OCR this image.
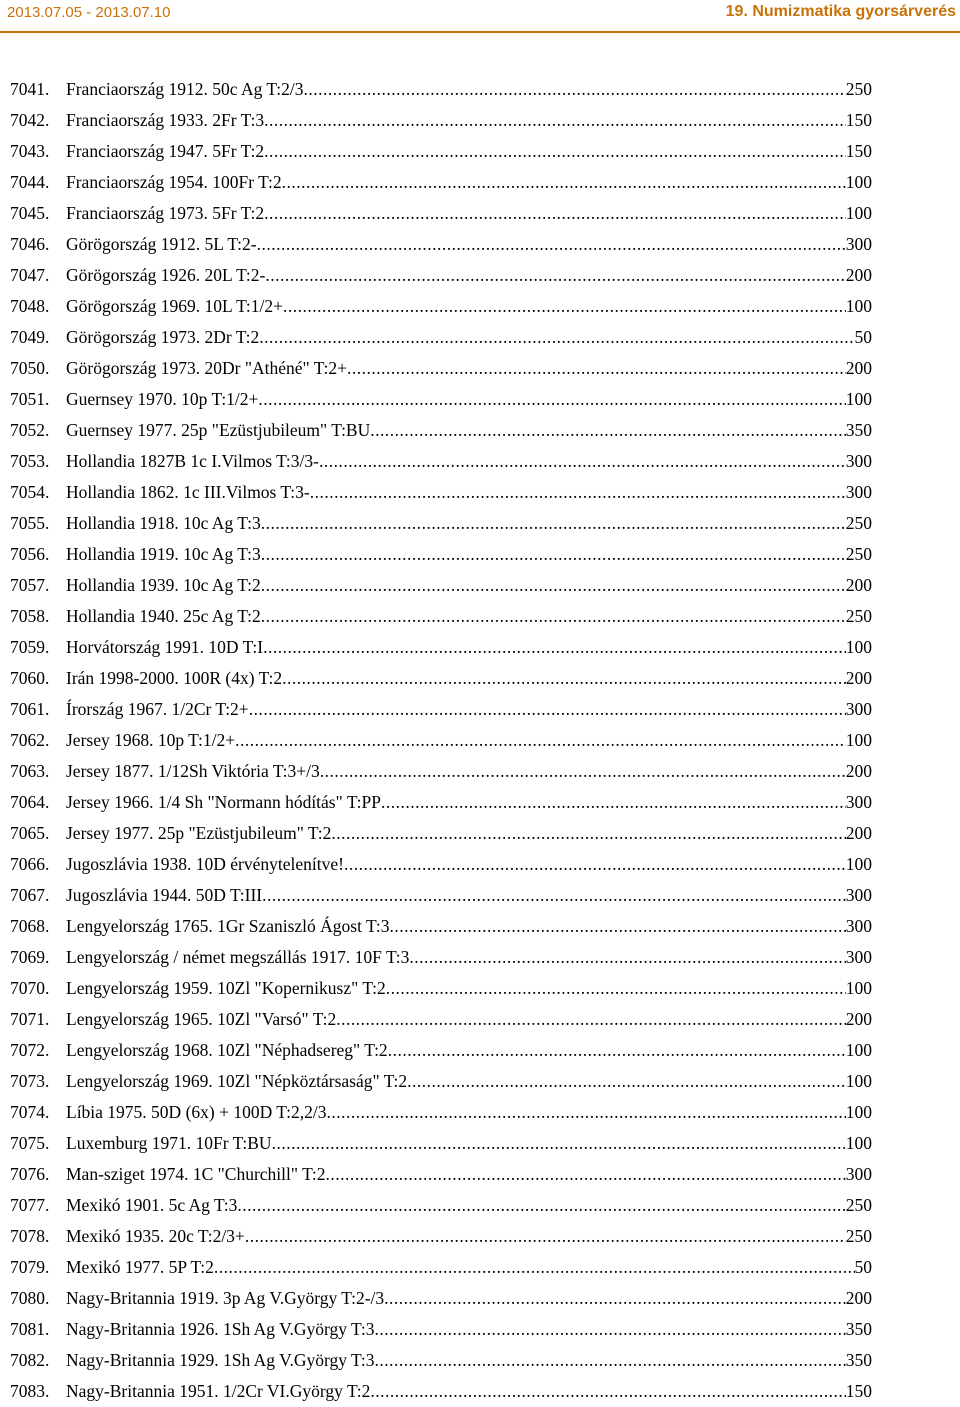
2013.07.05 - 2013.07.10	19. Numizmatika gyorsárverés
7041. Franciaország 1912. 50c Ag T:2/3 .....	250
7042. Franciaország 1933. 2Fr T:3 .....	150
7043. Franciaország 1947. 5Fr T:2 .....	150
7044. Franciaország 1954. 100Fr T:2 .....	100
7045. Franciaország 1973. 5Fr T:2 .....	100
7046. Görögország 1912. 5L T:2- .....	300
7047. Görögország 1926. 20L T:2- .....	200
7048. Görögország 1969. 10L T:1/2+ .....	100
7049. Görögország 1973. 2Dr T:2 .....	50
7050. Görögország 1973. 20Dr "Athéné" T:2+ .....	200
7051. Guernsey 1970. 10p T:1/2+ .....	100
7052. Guernsey 1977. 25p "Ezüstjubileum" T:BU .....	350
7053. Hollandia 1827B 1c I.Vilmos T:3/3- .....	300
7054. Hollandia 1862. 1c III.Vilmos T:3- .....	300
7055. Hollandia 1918. 10c Ag T:3 .....	250
7056. Hollandia 1919. 10c Ag T:3 .....	250
7057. Hollandia 1939. 10c Ag T:2 .....	200
7058. Hollandia 1940. 25c Ag T:2 .....	250
7059. Horvátország 1991. 10D T:I .....	100
7060. Irán 1998-2000. 100R (4x) T:2 .....	200
7061. Írország 1967. 1/2Cr T:2+ .....	300
7062. Jersey 1968. 10p T:1/2+ .....	100
7063. Jersey 1877. 1/12Sh Viktória T:3+/3 .....	200
7064. Jersey 1966. 1/4 Sh "Normann hódítás" T:PP .....	300
7065. Jersey 1977. 25p "Ezüstjubileum" T:2 .....	200
7066. Jugoszlávia 1938. 10D érvénytelenítve! .....	100
7067. Jugoszlávia 1944. 50D T:III .....	300
7068. Lengyelország 1765. 1Gr Szaniszló Ágost T:3 .....	300
7069. Lengyelország / német megszállás 1917. 10F T:3 .....	300
7070. Lengyelország 1959. 10Zl "Kopernikusz" T:2 .....	100
7071. Lengyelország 1965. 10Zl "Varsó" T:2 .....	200
7072. Lengyelország 1968. 10Zl "Néphadsereg" T:2 .....	100
7073. Lengyelország 1969. 10Zl "Népköztársaság" T:2 .....	100
7074. Líbia 1975. 50D (6x) + 100D T:2,2/3 .....	100
7075. Luxemburg 1971. 10Fr T:BU .....	100
7076. Man-sziget 1974. 1C "Churchill" T:2 .....	300
7077. Mexikó 1901. 5c Ag T:3 .....	250
7078. Mexikó 1935. 20c T:2/3+ .....	250
7079. Mexikó 1977. 5P T:2 .....	50
7080. Nagy-Britannia 1919. 3p Ag V.György T:2-/3 .....	200
7081. Nagy-Britannia 1926. 1Sh Ag V.György T:3 .....	350
7082. Nagy-Britannia 1929. 1Sh Ag V.György T:3 .....	350
7083. Nagy-Britannia 1951. 1/2Cr VI.György T:2 .....	150
